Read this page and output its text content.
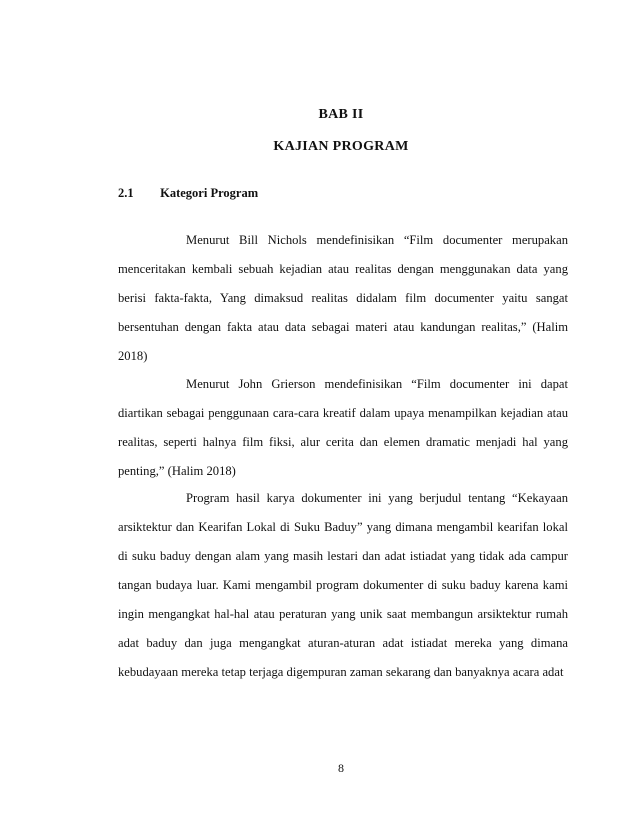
BAB II
KAJIAN PROGRAM
2.1 Kategori Program

Menurut Bill Nichols mendefinisikan “Film documenter merupakan menceritakan kembali sebuah kejadian atau realitas dengan menggunakan data yang berisi fakta-fakta, Yang dimaksud realitas didalam film documenter yaitu sangat bersentuhan dengan fakta atau data sebagai materi atau kandungan realitas,” (Halim 2018)

Menurut John Grierson mendefinisikan “Film documenter ini dapat diartikan sebagai penggunaan cara-cara kreatif dalam upaya menampilkan kejadian atau realitas, seperti halnya film fiksi, alur cerita dan elemen dramatic menjadi hal yang penting,” (Halim 2018)

Program hasil karya dokumenter ini yang berjudul tentang “Kekayaan arsiktektur dan Kearifan Lokal di Suku Baduy” yang dimana mengambil kearifan lokal di suku baduy dengan alam yang masih lestari dan adat istiadat yang tidak ada campur tangan budaya luar. Kami mengambil program dokumenter di suku baduy karena kami ingin mengangkat hal-hal atau peraturan yang unik saat membangun arsiktektur rumah adat baduy dan juga mengangkat aturan-aturan adat istiadat mereka yang dimana kebudayaan mereka tetap terjaga digempuran zaman sekarang dan banyaknya acara adat

8
